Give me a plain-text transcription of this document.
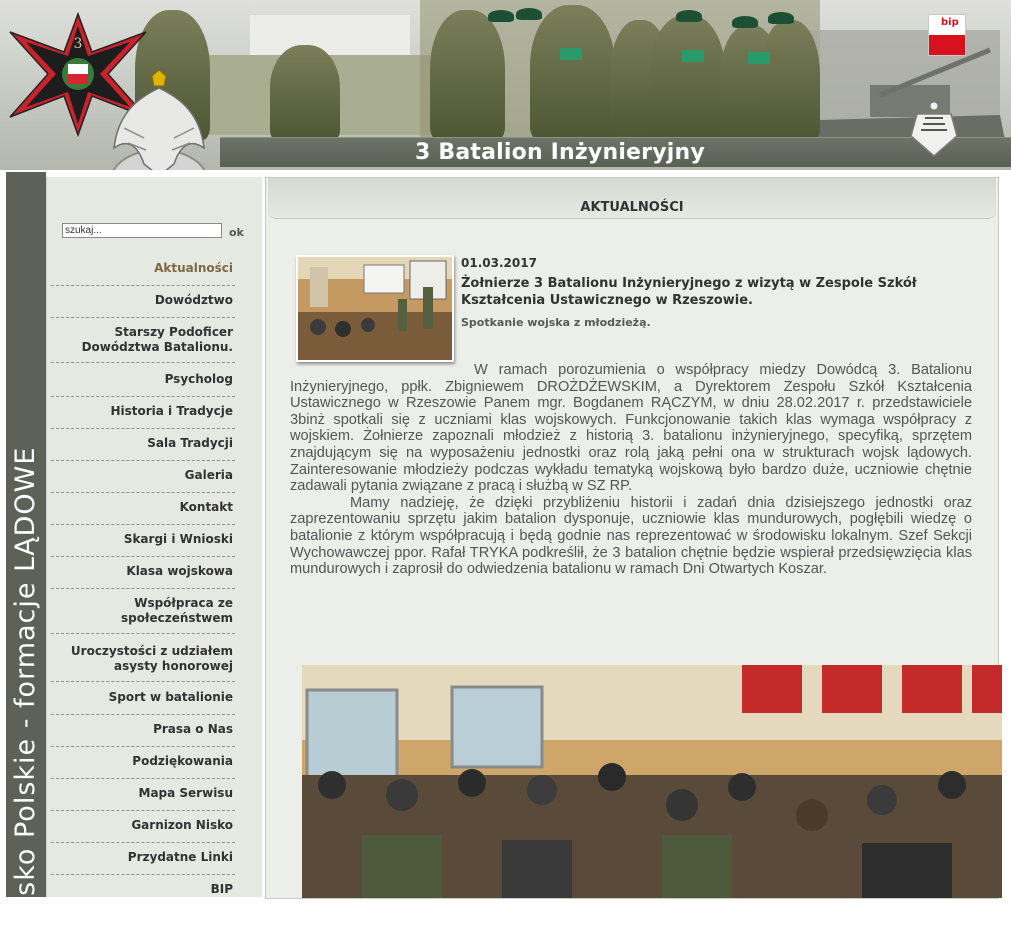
3 Batalion Inżynieryjny
3
bip
Wojsko Polskie - formacje LĄDOWE
szukaj...
ok
Aktualności
Dowództwo
Starszy Podoficer
Dowództwa Batalionu.
Psycholog
Historia i Tradycje
Sala Tradycji
Galeria
Kontakt
Skargi i Wnioski
Klasa wojskowa
Współpraca ze
społeczeństwem
Uroczystości z udziałem
asysty honorowej
Sport w batalionie
Prasa o Nas
Podziękowania
Mapa Serwisu
Garnizon Nisko
Przydatne Linki
BIP
AKTUALNOŚCI
01.03.2017
Żołnierze 3 Batalionu Inżynieryjnego z wizytą w Zespole Szkół Kształcenia Ustawicznego w Rzeszowie.
Spotkanie wojska z młodzieżą.

W ramach porozumienia o współpracy miedzy Dowódcą 3. Batalionu Inżynieryjnego, ppłk. Zbigniewem DROŻDŻEWSKIM, a Dyrektorem Zespołu Szkół Kształcenia Ustawicznego w Rzeszowie Panem mgr. Bogdanem RĄCZYM, w dniu 28.02.2017 r. przedstawiciele 3binż spotkali się z uczniami klas wojskowych. Funkcjonowanie takich klas wymaga współpracy z wojskiem. Żołnierze zapoznali młodzież z historią 3. batalionu inżynieryjnego, specyfiką, sprzętem znajdującym się na wyposażeniu jednostki oraz rolą jaką pełni ona w strukturach wojsk lądowych. Zainteresowanie młodzieży podczas wykładu tematyką wojskową było bardzo duże, uczniowie chętnie zadawali pytania związane z pracą i służbą w SZ RP.

Mamy nadzieję, że dzięki przybliżeniu historii i zadań dnia dzisiejszego jednostki oraz zaprezentowaniu sprzętu jakim batalion dysponuje, uczniowie klas mundurowych, pogłębili wiedzę o batalionie z którym współpracują i będą godnie nas reprezentować w środowisku lokalnym. Szef Sekcji Wychowawczej ppor. Rafał TRYKA podkreślił, że 3 batalion chętnie będzie wspierał przedsięwzięcia klas mundurowych i zaprosił do odwiedzenia batalionu w ramach Dni Otwartych Koszar.
